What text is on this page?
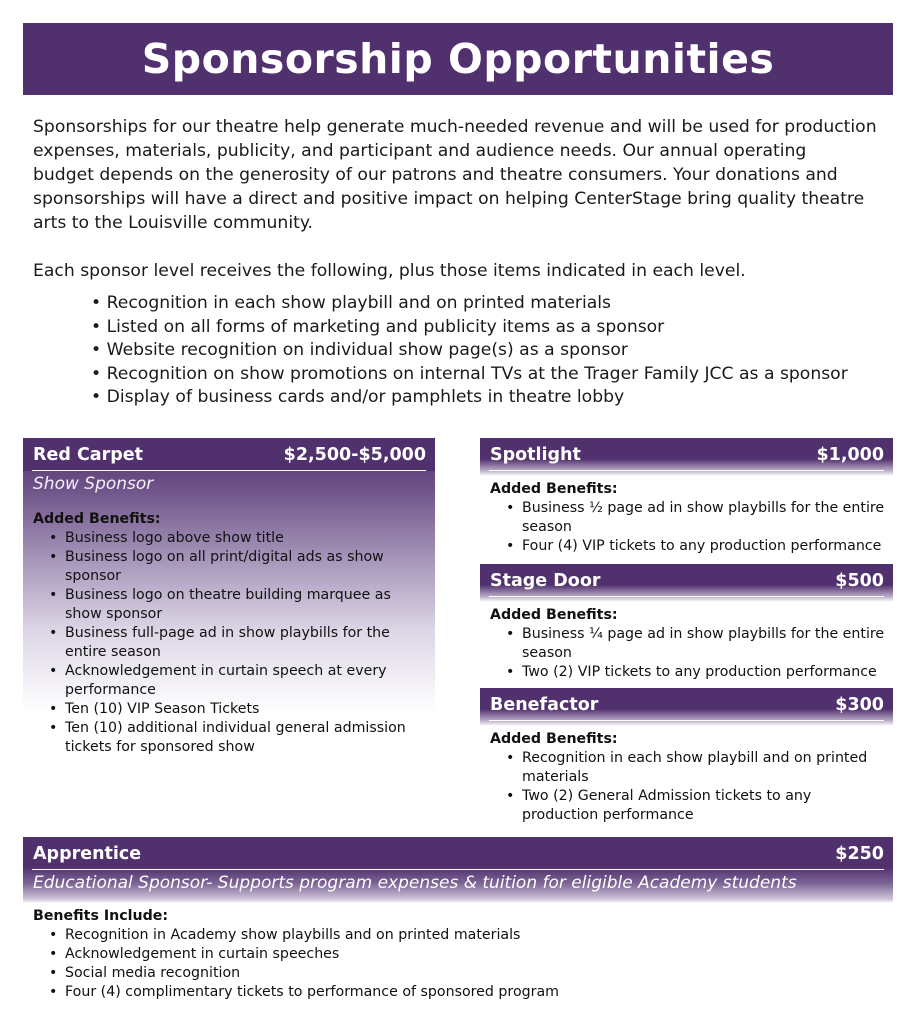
Sponsorship Opportunities

Sponsorships for our theatre help generate much-needed revenue and will be used for production
expenses, materials, publicity, and participant and audience needs. Our annual operating
budget depends on the generosity of our patrons and theatre consumers. Your donations and
sponsorships will have a direct and positive impact on helping CenterStage bring quality theatre
arts to the Louisville community.

Each sponsor level receives the following, plus those items indicated in each level.

• Recognition in each show playbill and on printed materials
• Listed on all forms of marketing and publicity items as a sponsor
• Website recognition on individual show page(s) as a sponsor
• Recognition on show promotions on internal TVs at the Trager Family JCC as a sponsor
• Display of business cards and/or pamphlets in theatre lobby
Red Carpet	$2,500-$5,000
Show Sponsor
Added Benefits:
• Business logo above show title
• Business logo on all print/digital ads as show sponsor
• Business logo on theatre building marquee as show sponsor
• Business full-page ad in show playbills for the entire season
• Acknowledgement in curtain speech at every performance
• Ten (10) VIP Season Tickets
• Ten (10) additional individual general admission tickets for sponsored show
Spotlight	$1,000
Added Benefits:
• Business ½ page ad in show playbills for the entire season
• Four (4) VIP tickets to any production performance
Stage Door	$500
Added Benefits:
• Business ¼ page ad in show playbills for the entire season
• Two (2) VIP tickets to any production performance
Benefactor	$300
Added Benefits:
• Recognition in each show playbill and on printed materials
• Two (2) General Admission tickets to any production performance
Apprentice	$250
Educational Sponsor- Supports program expenses & tuition for eligible Academy students
Benefits Include:
• Recognition in Academy show playbills and on printed materials
• Acknowledgement in curtain speeches
• Social media recognition
• Four (4) complimentary tickets to performance of sponsored program
